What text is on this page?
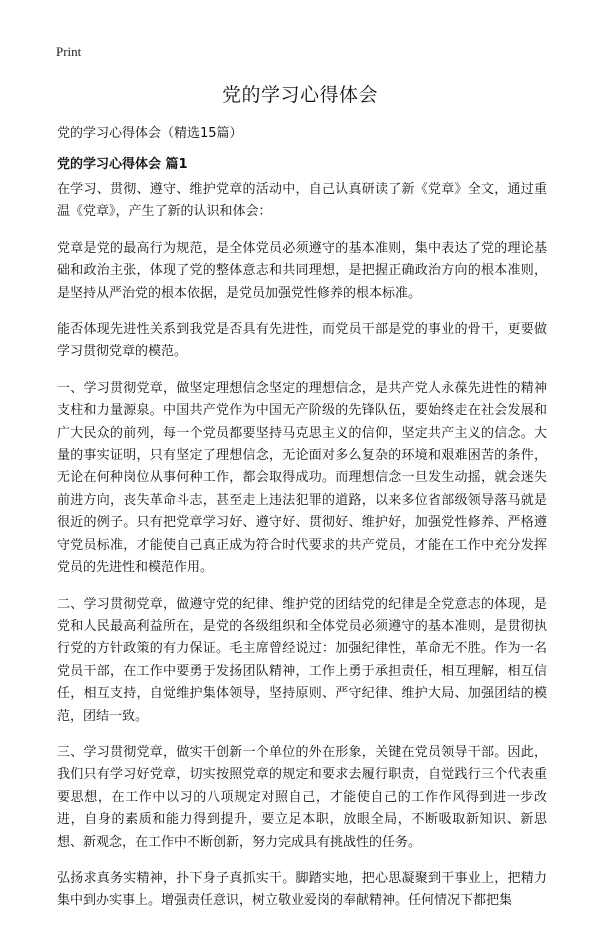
Print
党的学习心得体会

党的学习心得体会（精选15篇）

党的学习心得体会 篇1

在学习、贯彻、遵守、维护党章的活动中，自己认真研读了新《党章》全文，通过重温《党章》，产生了新的认识和体会：

党章是党的最高行为规范，是全体党员必须遵守的基本准则，集中表达了党的理论基础和政治主张，体现了党的整体意志和共同理想，是把握正确政治方向的根本准则，是坚持从严治党的根本依据，是党员加强党性修养的根本标准。

能否体现先进性关系到我党是否具有先进性，而党员干部是党的事业的骨干，更要做学习贯彻党章的模范。

一、学习贯彻党章，做坚定理想信念坚定的理想信念，是共产党人永葆先进性的精神支柱和力量源泉。中国共产党作为中国无产阶级的先锋队伍，要始终走在社会发展和广大民众的前列，每一个党员都要坚持马克思主义的信仰，坚定共产主义的信念。大量的事实证明，只有坚定了理想信念，无论面对多么复杂的环境和艰难困苦的条件，无论在何种岗位从事何种工作，都会取得成功。而理想信念一旦发生动摇，就会迷失前进方向，丧失革命斗志，甚至走上违法犯罪的道路，以来多位省部级领导落马就是很近的例子。只有把党章学习好、遵守好、贯彻好、维护好，加强党性修养、严格遵守党员标准，才能使自己真正成为符合时代要求的共产党员，才能在工作中充分发挥党员的先进性和模范作用。

二、学习贯彻党章，做遵守党的纪律、维护党的团结党的纪律是全党意志的体现，是党和人民最高利益所在，是党的各级组织和全体党员必须遵守的基本准则，是贯彻执行党的方针政策的有力保证。毛主席曾经说过：加强纪律性，革命无不胜。作为一名党员干部，在工作中要勇于发扬团队精神，工作上勇于承担责任，相互理解，相互信任，相互支持，自觉维护集体领导，坚持原则、严守纪律、维护大局、加强团结的模范，团结一致。

三、学习贯彻党章，做实干创新一个单位的外在形象，关键在党员领导干部。因此，我们只有学习好党章，切实按照党章的规定和要求去履行职责，自觉践行三个代表重要思想，在工作中以习的八项规定对照自己，才能使自己的工作作风得到进一步改进，自身的素质和能力得到提升，要立足本职，放眼全局，不断吸取新知识、新思想、新观念，在工作中不断创新，努力完成具有挑战性的任务。

弘扬求真务实精神，扑下身子真抓实干。脚踏实地，把心思凝聚到干事业上，把精力集中到办实事上。增强责任意识，树立敬业爱岗的奉献精神。任何情况下都把集
